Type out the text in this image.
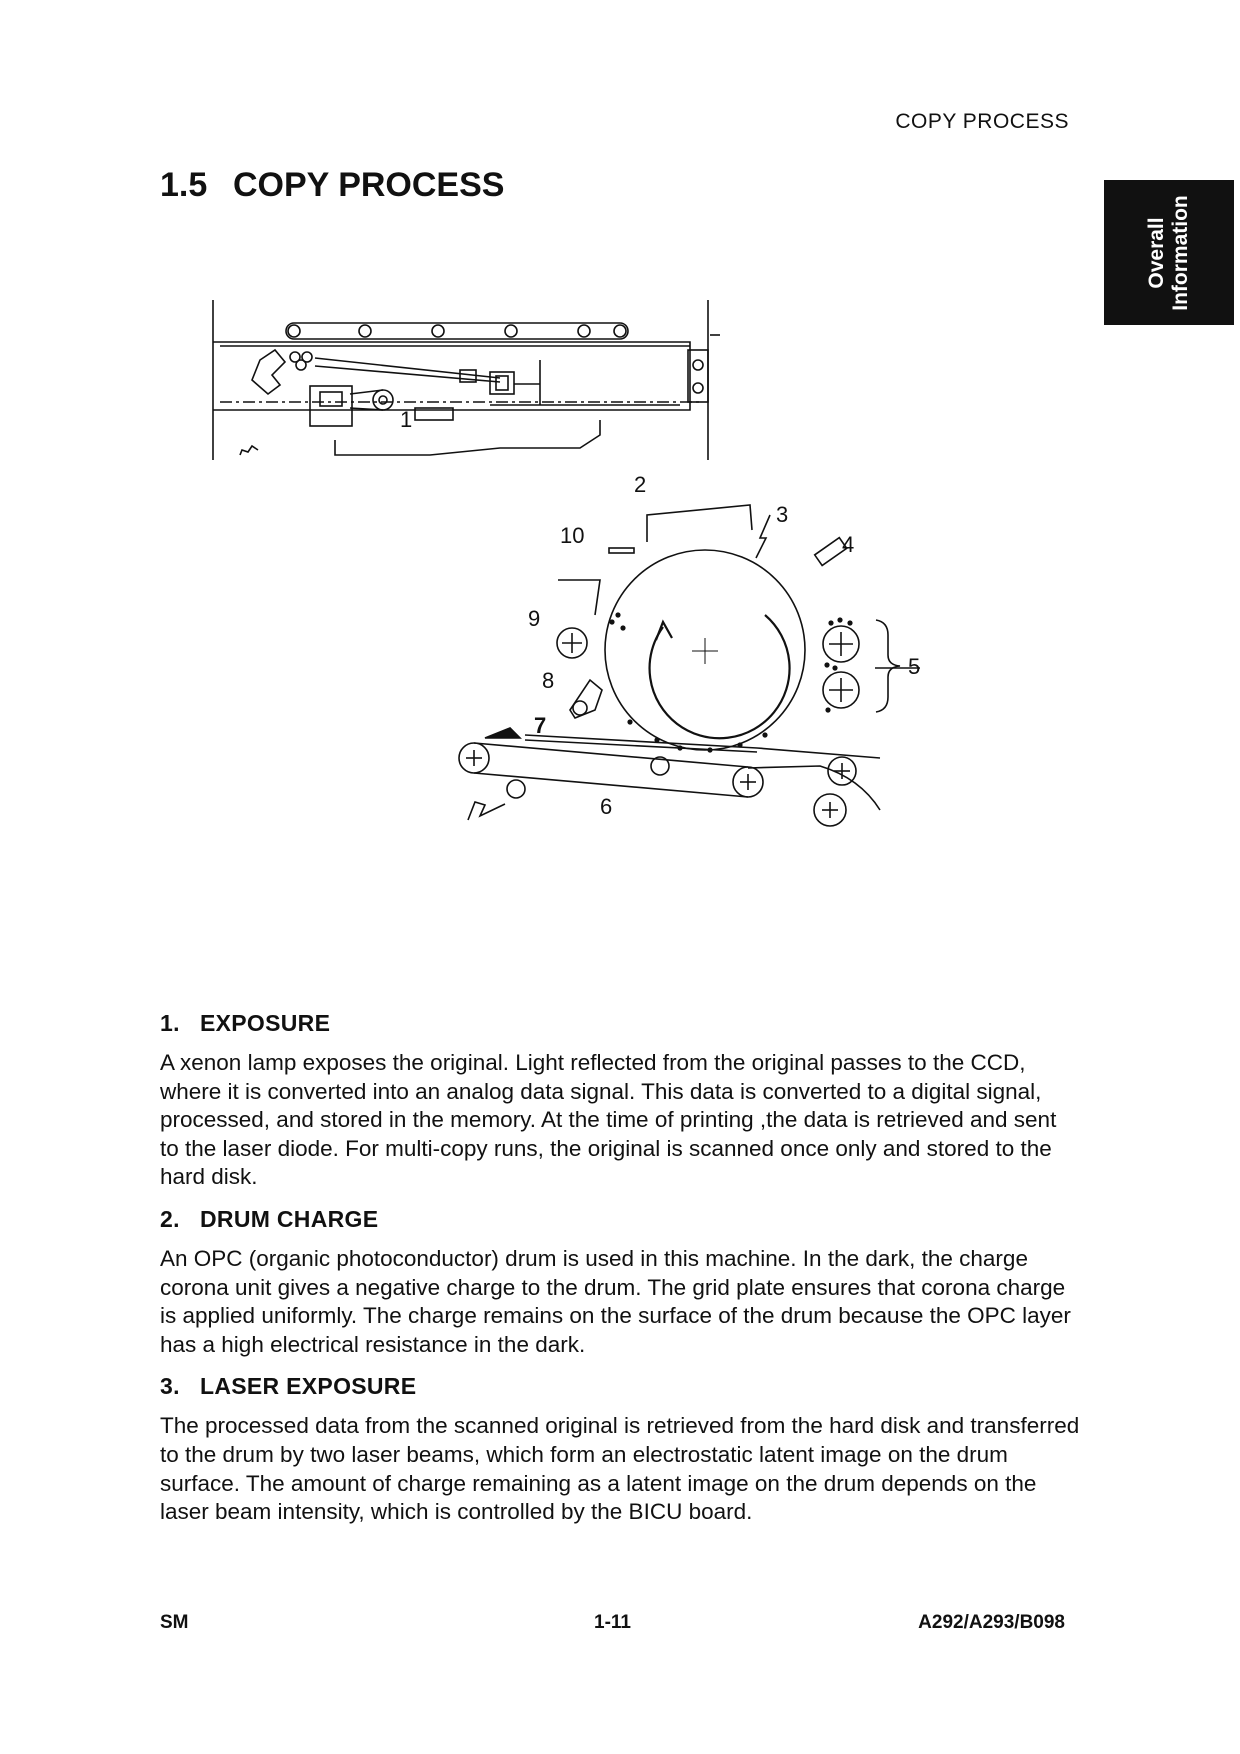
COPY PROCESS
Overall Information
1.5 COPY PROCESS
1
2
3
4
5
6
7
8
9
10
1. EXPOSURE

A xenon lamp exposes the original. Light reflected from the original passes to the CCD, where it is converted into an analog data signal. This data is converted to a digital signal, processed, and stored in the memory. At the time of printing ,the data is retrieved and sent to the laser diode. For multi-copy runs, the original is scanned once only and stored to the hard disk.

2. DRUM CHARGE

An OPC (organic photoconductor) drum is used in this machine. In the dark, the charge corona unit gives a negative charge to the drum. The grid plate ensures that corona charge is applied uniformly. The charge remains on the surface of the drum because the OPC layer has a high electrical resistance in the dark.

3. LASER EXPOSURE

The processed data from the scanned original is retrieved from the hard disk and transferred to the drum by two laser beams, which form an electrostatic latent image on the drum surface. The amount of charge remaining as a latent image on the drum depends on the laser beam intensity, which is controlled by the BICU board.

SM	1-11	A292/A293/B098
